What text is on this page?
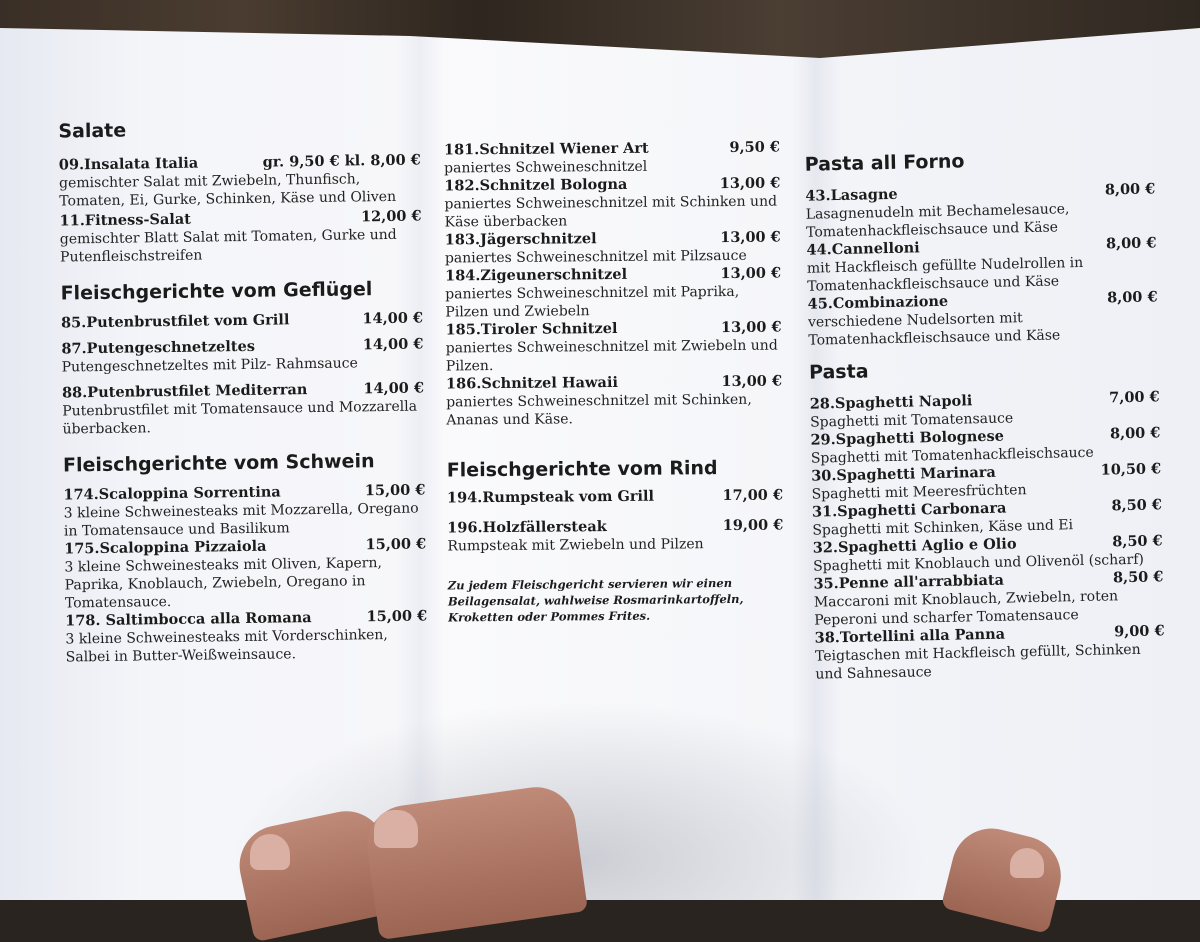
Salate
09.Insalata Italia	gr. 9,50 € kl. 8,00 €
gemischter Salat mit Zwiebeln, Thunfisch, Tomaten, Ei, Gurke, Schinken, Käse und Oliven
11.Fitness-Salat	12,00 €
gemischter Blatt Salat mit Tomaten, Gurke und Putenfleischstreifen
Fleischgerichte vom Geflügel
85.Putenbrustfilet vom Grill	14,00 €
87.Putengeschnetzeltes	14,00 €
Putengeschnetzeltes mit Pilz- Rahmsauce
88.Putenbrustfilet Mediterran	14,00 €
Putenbrustfilet mit Tomatensauce und Mozzarella überbacken.
Fleischgerichte vom Schwein
174.Scaloppina Sorrentina	15,00 €
3 kleine Schweinesteaks mit Mozzarella, Oregano in Tomatensauce und Basilikum
175.Scaloppina Pizzaiola	15,00 €
3 kleine Schweinesteaks mit Oliven, Kapern, Paprika, Knoblauch, Zwiebeln, Oregano in Tomatensauce.
178. Saltimbocca alla Romana	15,00 €
3 kleine Schweinesteaks mit Vorderschinken, Salbei in Butter-Weißweinsauce.
181.Schnitzel Wiener Art	9,50 €
paniertes Schweineschnitzel
182.Schnitzel Bologna	13,00 €
paniertes Schweineschnitzel mit Schinken und Käse überbacken
183.Jägerschnitzel	13,00 €
paniertes Schweineschnitzel mit Pilzsauce
184.Zigeunerschnitzel	13,00 €
paniertes Schweineschnitzel mit Paprika, Pilzen und Zwiebeln
185.Tiroler Schnitzel	13,00 €
paniertes Schweineschnitzel mit Zwiebeln und Pilzen.
186.Schnitzel Hawaii	13,00 €
paniertes Schweineschnitzel mit Schinken, Ananas und Käse.
Fleischgerichte vom Rind
194.Rumpsteak vom Grill	17,00 €
196.Holzfällersteak	19,00 €
Rumpsteak mit Zwiebeln und Pilzen
Zu jedem Fleischgericht servieren wir einen Beilagensalat, wahlweise Rosmarinkartoffeln, Kroketten oder Pommes Frites.
Pasta all Forno
43.Lasagne	8,00 €
Lasagnenudeln mit Bechamelesauce, Tomatenhackfleischsauce und Käse
44.Cannelloni	8,00 €
mit Hackfleisch gefüllte Nudelrollen in Tomatenhackfleischsauce und Käse
45.Combinazione	8,00 €
verschiedene Nudelsorten mit Tomatenhackfleischsauce und Käse
Pasta
28.Spaghetti Napoli	7,00 €
Spaghetti mit Tomatensauce
29.Spaghetti Bolognese	8,00 €
Spaghetti mit Tomatenhackfleischsauce
30.Spaghetti Marinara	10,50 €
Spaghetti mit Meeresfrüchten
31.Spaghetti Carbonara	8,50 €
Spaghetti mit Schinken, Käse und Ei
32.Spaghetti Aglio e Olio	8,50 €
Spaghetti mit Knoblauch und Olivenöl (scharf)
35.Penne all'arrabbiata	8,50 €
Maccaroni mit Knoblauch, Zwiebeln, roten Peperoni und scharfer Tomatensauce
38.Tortellini alla Panna	9,00 €
Teigtaschen mit Hackfleisch gefüllt, Schinken und Sahnesauce
